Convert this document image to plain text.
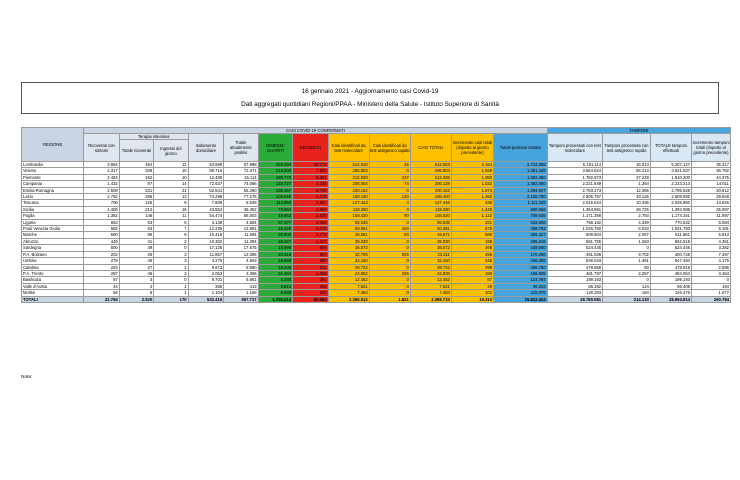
16 gennaio 2021 - Aggiornamento casi Covid-19
Dati aggregati quotidiani Regioni/PPAA - Ministero della Salute - Istituto Superiore di Sanità
REGIONE	CASI COVID-19 CONFERMATI												TAMPONI			
	Ricoverati con sintomi	Terapia intensiva		Isolamento domiciliare	Totale attualmente positivi	DIMESSI/ GUARITI	DECEDUTI	Casi identificati da test molecolare	Casi identificati da test antigenico rapido	CASI TOTALI	Incremento casi totali (rispetto al giorno precedente)	Totale persone testate	Tamponi processati con test molecolare	Tamponi processati con test antigenico rapido	TOTALE tamponi effettuati	Incremento tamponi totali (rispetto al giorno precedente)
		Totale ricoverati	Ingressi del giorno													
Lombardia	3.664	454	12	53.880	57.998	428.393	26.172	512.518	45	512.563	2.154	2.722.288	5.191.114	16.013	5.207.127	35.317
Veneto	2.317	338	10	69.716	72.371	216.500	7.932	296.803	0	296.803	1.929	1.281.448	3.564.824	56.213	3.621.037	36.762
Piemonte	2.464	162	10	12.488	15.114	188.770	8.381	212.028	237	212.265	1.050	1.052.390	1.782.973	27.228	1.810.200	24.375
Campania	1.432	97	14	72.537	74.066	128.727	3.335	206.054	74	206.128	1.532	1.482.060	2.221.849	1.364	2.223.213	14.611
Emilia-Romagna	2.508	231	21	52.541	55.280	136.167	8.705	200.152	0	200.152	1.674	1.294.547	2.783.273	12.355	2.795.628	20.812
Lazio	2.752	286	13	74.298	77.276	106.646	4.378	188.180	120	188.400	1.282	2.155.760	2.505.757	33.126	2.509.082	29.848
Toscana	706	125	8	7.808	8.639	114.850	3.957	127.443	3	127.446	436	1.111.228	2.016.624	10.336	2.026.960	14.526
Sicilia	1.406	212	16	43.854	45.452	70.884	2.954	119.290	0	119.290	1.446	900.666	1.364.861	28.725	1.393.086	25.097
Puglia	1.382	148	11	54.474	56.003	49.662	2.825	108.430	90	108.520	1.122	709.646	1.171.368	2.793	1.174.161	11.997
Liguria	653	63	6	4.138	4.854	57.377	3.304	65.535	0	65.535	321	342.608	756.182	4.349	770.532	6.084
Friuli Venezia Giulia	682	64	7	12.235	12.981	45.328	2.070	59.961	420	60.381	875	368.762	1.026.760	5.033	1.031.793	9.181
Marche	590	85	8	10.418	11.094	36.805	1.772	48.591	80	49.671	696	366.327	609.804	2.057	611.861	5.813
Abruzzo	449	41	2	10.302	11.394	28.427	1.317	39.030	0	39.030	196	285.216	561.755	1.263	562.518	4.351
Sardegna	500	49	0	17.126	17.675	16.999	898	35.572	0	35.572	268	439.060	524.445	0	524.445	3.282
P.A. Bolzano	202	26	3	11.857	12.085	20.319	807	32.706	505	33.211	456	170.250	391.026	9.702	400.728	7.497
Umbria	278	49	3	4.276	4.603	26.858	689	32.150	0	32.150	245	266.388	546.043	1.451	547.494	4.175
Calabria	293	27	1	9.673	9.990	18.200	532	28.722	0	28.722	299	456.760	478.858	60	478.918	2.886
P.A. Trento	287	46	3	2.053	2.386	21.494	1.066	24.682	256	24.938	186	156.935	481.797	2.257	484.054	3.464
Basilicata	87	3	0	6.701	6.881	5.280	291	12.452	0	12.452	87	124.764	199.193	0	199.193	0
Valle d'Aosta	44	4	1	365	413	6.813	393	7.621	0	7.621	29	40.313	66.282	124	66.406	194
Molise	56	8	1	1.104	1.168	6.085	230	7.483	0	7.483	101	115.076	126.293	184	126.476	1.077
TOTALI	22.784	2.520	170	532.415	557.717	1.725.214	80.683	2.366.912	1.821	2.368.733	16.310	15.822.424	28.780.581	214.133	28.994.914	260.784
Note:
